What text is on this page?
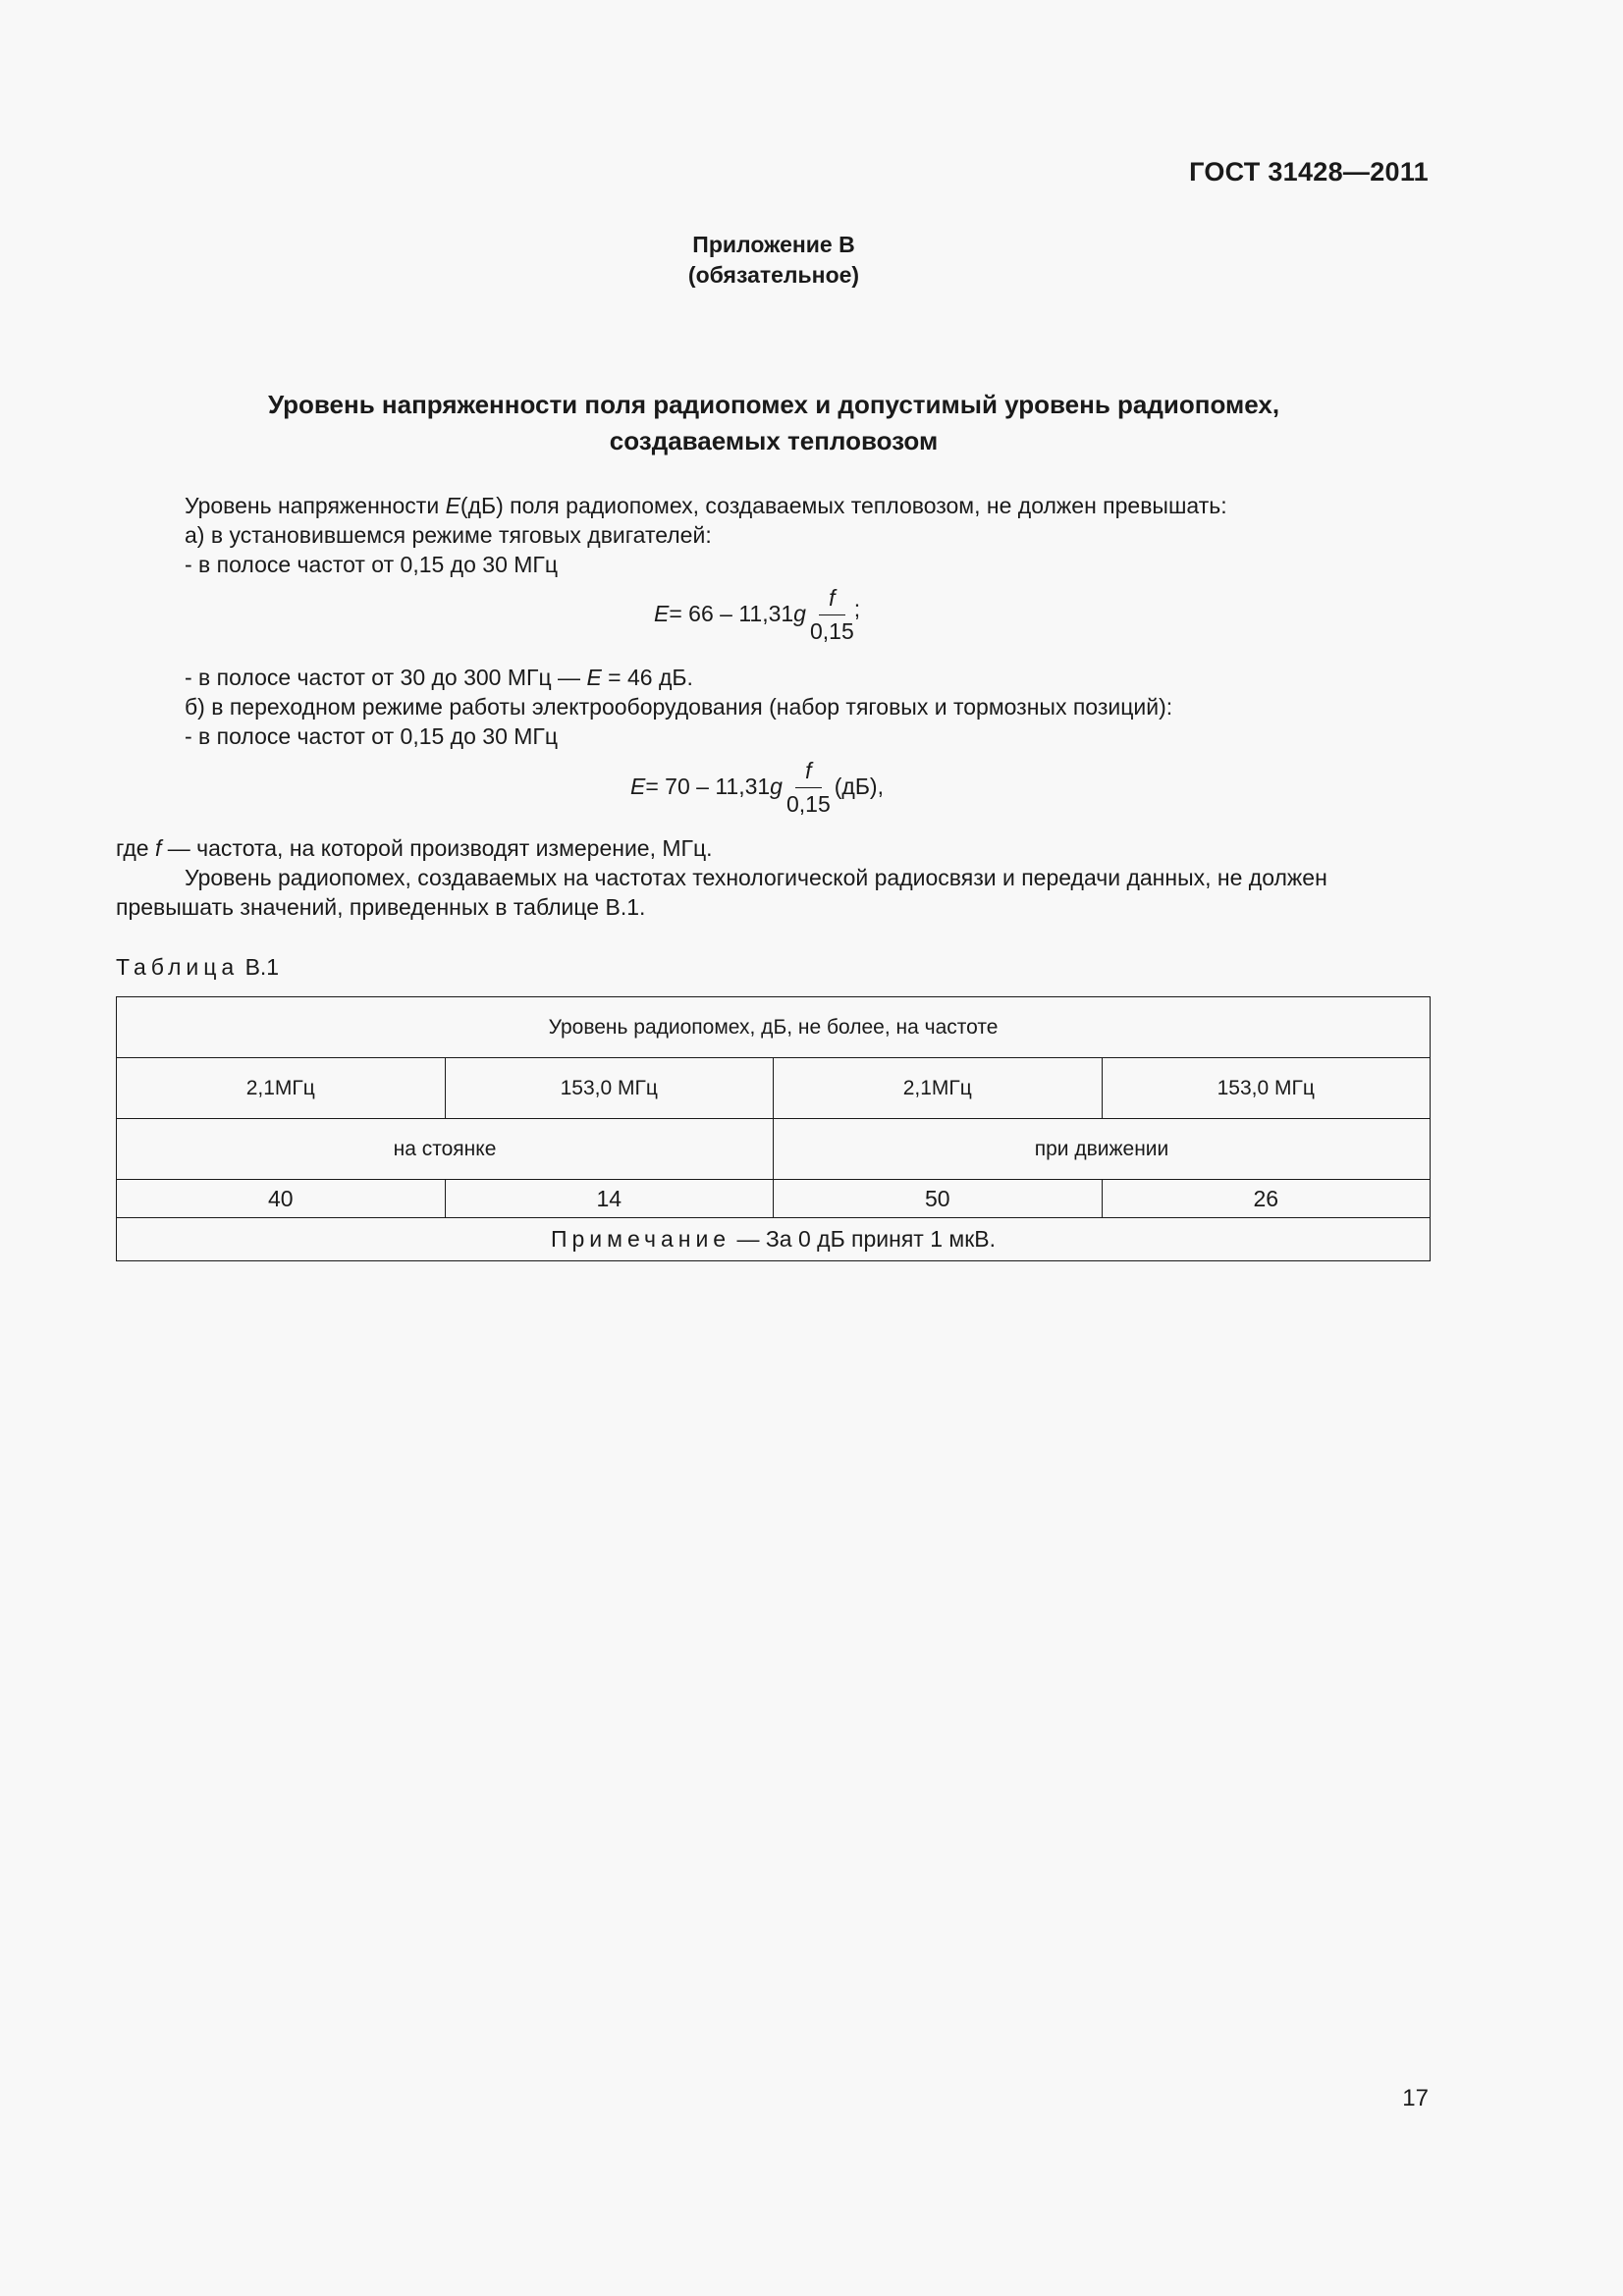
ГОСТ 31428—2011
Приложение В
(обязательное)
Уровень напряженности поля радиопомех и допустимый уровень радиопомех,
создаваемых тепловозом
Уровень напряженности E(дБ) поля радиопомех, создаваемых тепловозом, не должен превышать:
а) в установившемся режиме тяговых двигателей:
- в полосе частот от 0,15 до 30 МГц
E = 66 – 11,31 g $\frac{f}{0,15}$ ;
- в полосе частот от 30 до 300 МГц — E = 46 дБ.
б) в переходном режиме работы электрооборудования (набор тяговых и тормозных позиций):
- в полосе частот от 0,15 до 30 МГц
E = 70 – 11,31 g $\frac{f}{0,15} (дБ)$,
где f — частота, на которой производят измерение, МГц.
Уровень радиопомех, создаваемых на частотах технологической радиосвязи и передачи данных, не должен
превышать значений, приведенных в таблице В.1.
Таблица В.1
Уровень радиопомех, дБ, не более, на частоте			
2,1МГц	153,0 МГц	2,1МГц	153,0 МГц
на стоянке		при движении	
40	14	50	26
Примечание — За 0 дБ принят 1 мкВ.			
17
